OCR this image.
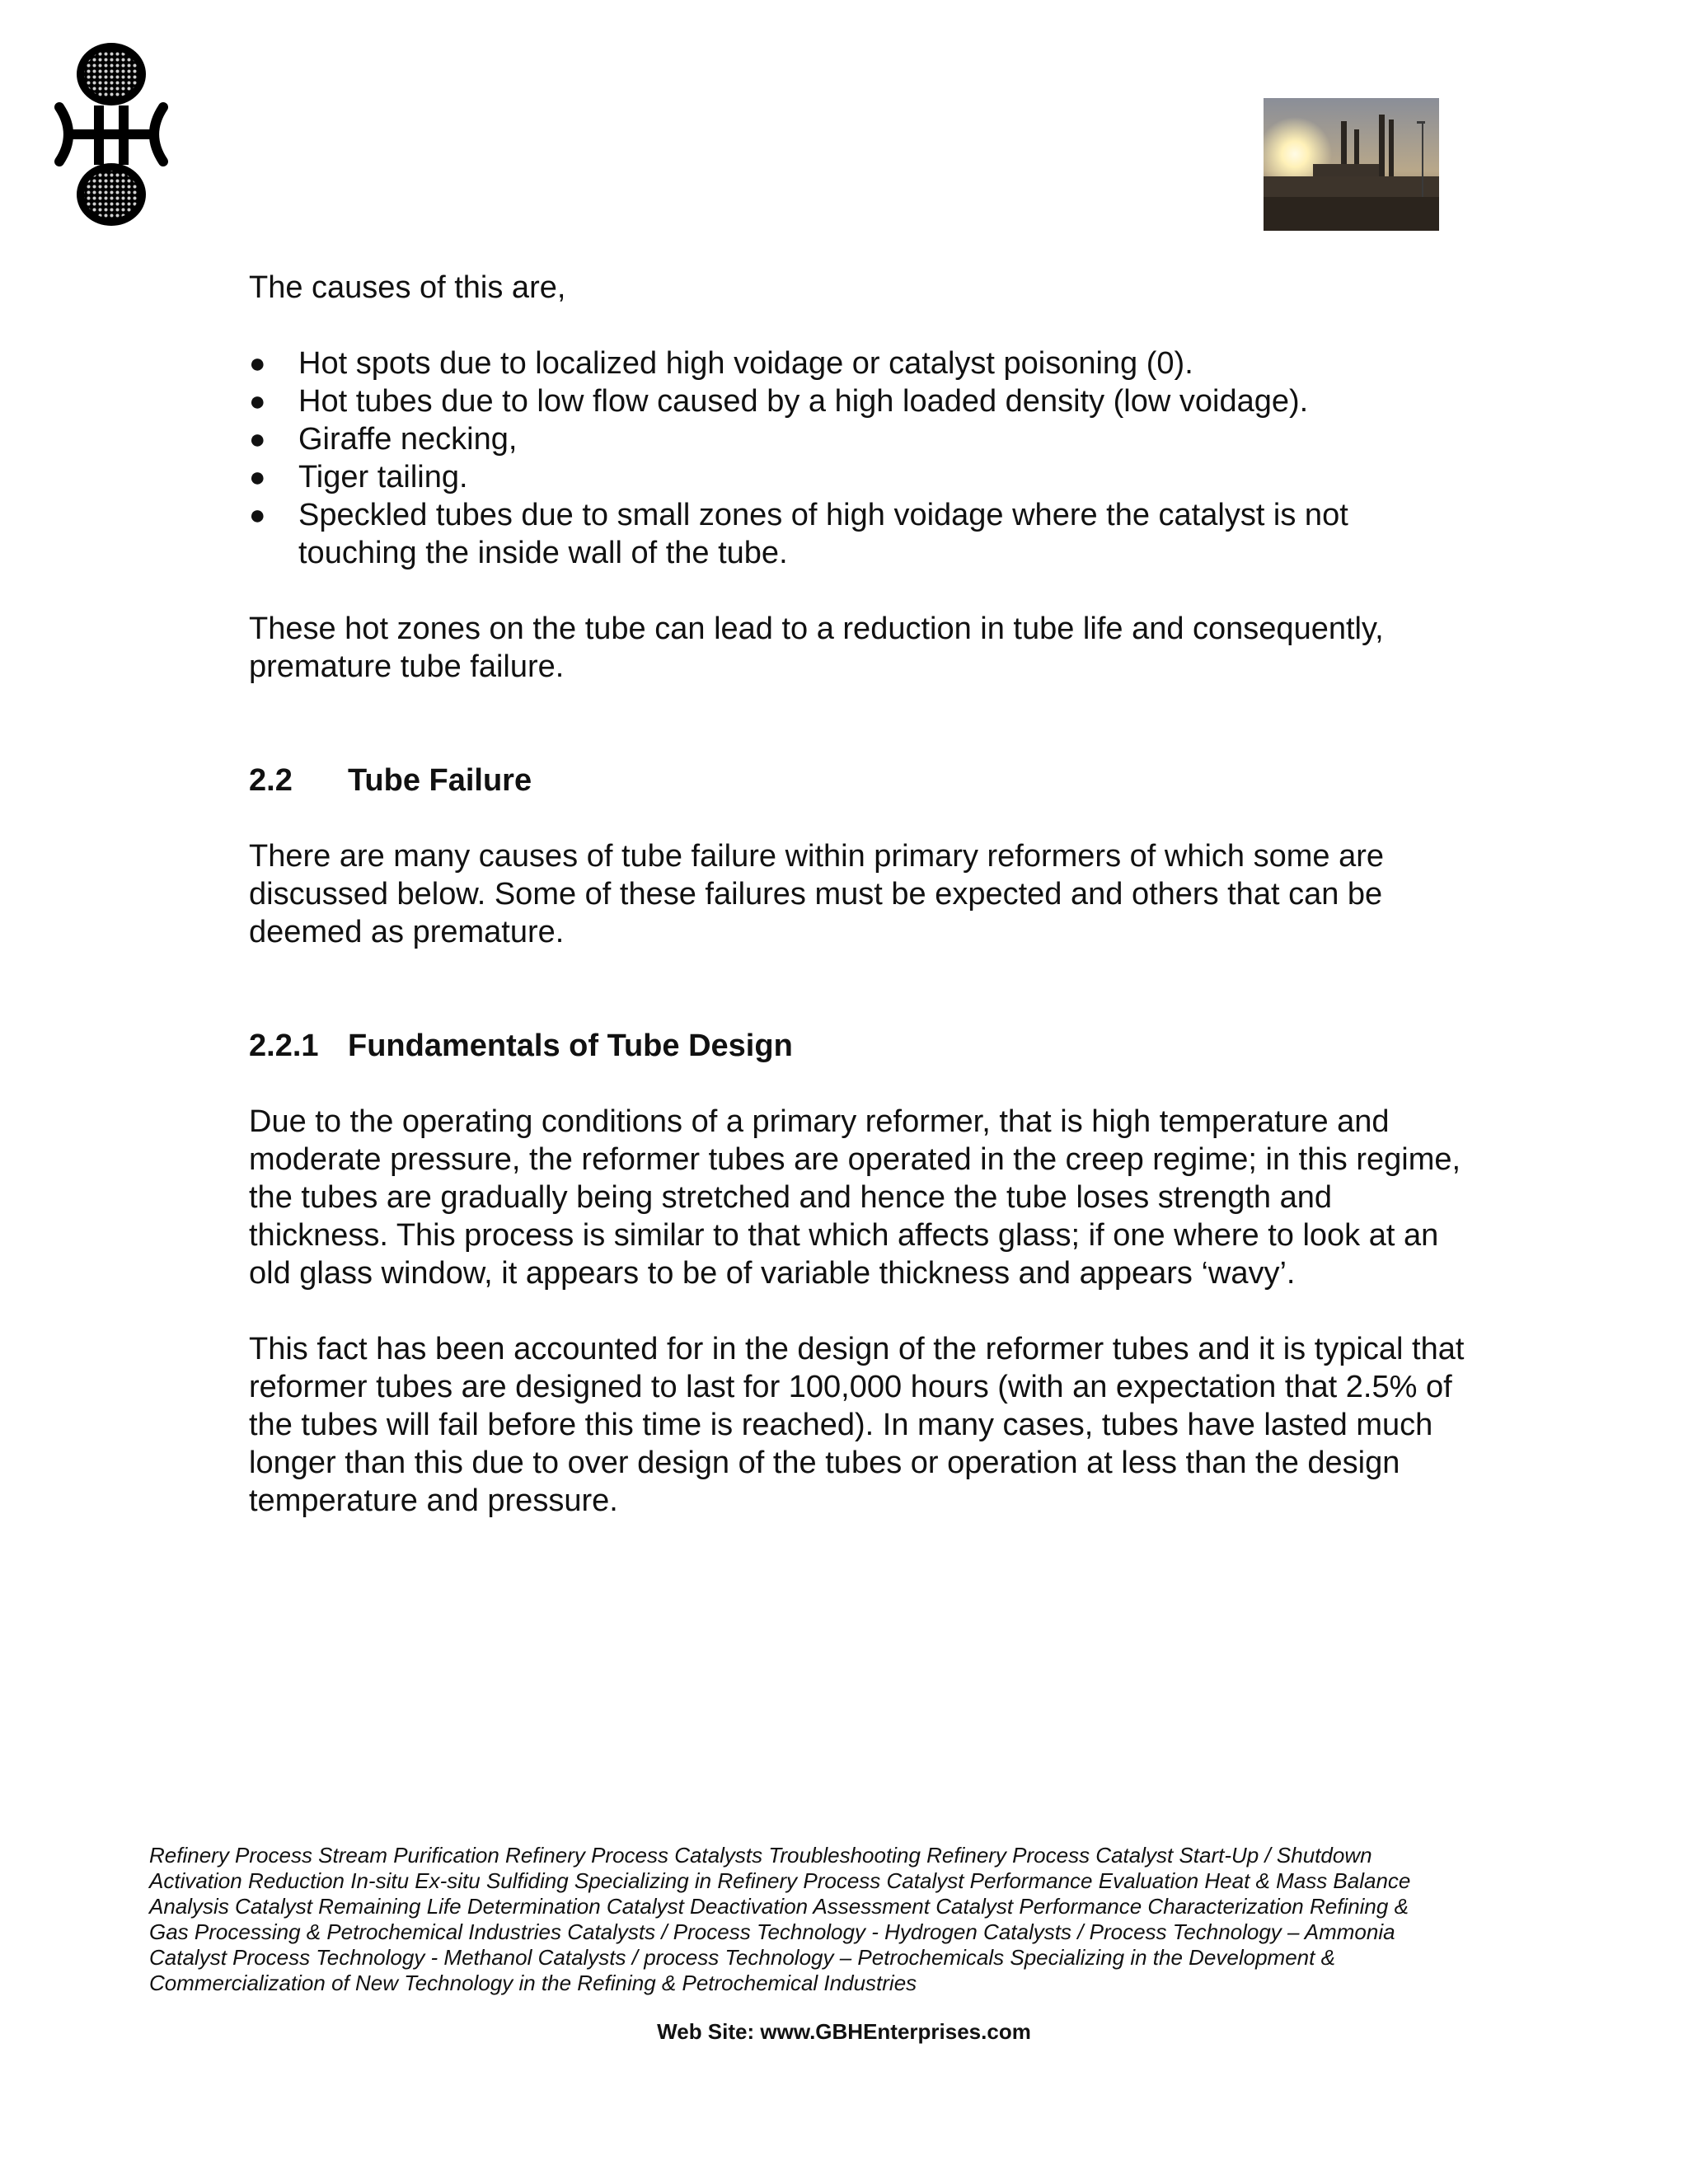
The causes of this are,

●	Hot spots due to localized high voidage or catalyst poisoning (0).
●	Hot tubes due to low flow caused by a high loaded density (low voidage).
●	Giraffe necking,
●	Tiger tailing.
●	Speckled tubes due to small zones of high voidage where the catalyst is not touching the inside wall of the tube.

These hot zones on the tube can lead to a reduction in tube life and consequently, premature tube failure.

2.2 Tube Failure

There are many causes of tube failure within primary reformers of which some are discussed below. Some of these failures must be expected and others that can be deemed as premature.

2.2.1 Fundamentals of Tube Design

Due to the operating conditions of a primary reformer, that is high temperature and moderate pressure, the reformer tubes are operated in the creep regime; in this regime, the tubes are gradually being stretched and hence the tube loses strength and thickness. This process is similar to that which affects glass; if one where to look at an old glass window, it appears to be of variable thickness and appears ‘wavy’.

This fact has been accounted for in the design of the reformer tubes and it is typical that reformer tubes are designed to last for 100,000 hours (with an expectation that 2.5% of the tubes will fail before this time is reached). In many cases, tubes have lasted much longer than this due to over design of the tubes or operation at less than the design temperature and pressure.

Refinery Process Stream Purification Refinery Process Catalysts Troubleshooting Refinery Process Catalyst Start-Up / Shutdown Activation Reduction In-situ Ex-situ Sulfiding Specializing in Refinery Process Catalyst Performance Evaluation Heat & Mass Balance Analysis Catalyst Remaining Life Determination Catalyst Deactivation Assessment Catalyst Performance Characterization Refining & Gas Processing & Petrochemical Industries Catalysts / Process Technology - Hydrogen Catalysts / Process Technology – Ammonia Catalyst Process Technology - Methanol Catalysts / process Technology – Petrochemicals Specializing in the Development & Commercialization of New Technology in the Refining & Petrochemical Industries
Web Site: www.GBHEnterprises.com
